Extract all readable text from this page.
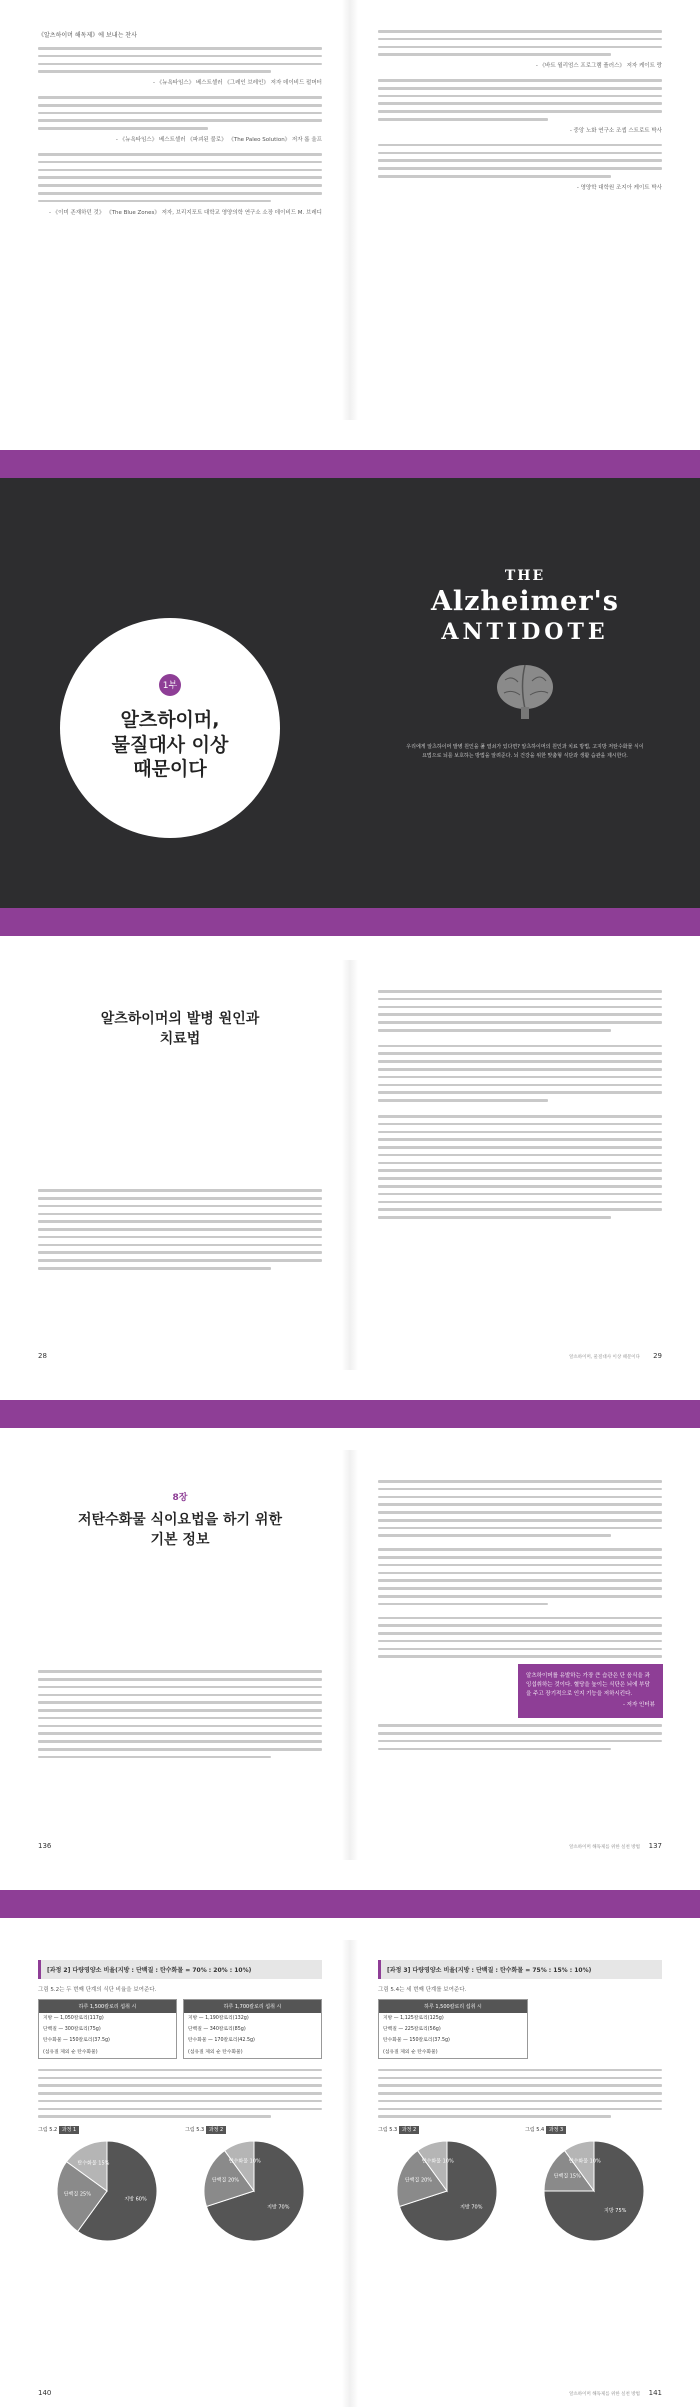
《알츠하이머 해독제》에 보내는 찬사
- 《뉴욕타임스》 베스트셀러 《그레인 브레인》 저자 데이비드 펄머터
- 《뉴욕타임스》 베스트셀러 《파괴된 불로》 《The Paleo Solution》 저자 롭 울프
- 《이미 존재하던 것》 《The Blue Zones》 저자, 브리지포트 대학교 영양의학 연구소 소장 데이비드 M. 브레디
- 《바트 윌리엄스 프로그램 플러스》 저자 케이트 랑
- 중앙 노화 연구소 조셉 스트로트 박사
- 영양학 대학원 조지아 케이트 박사
1부
알츠하이머,
물질대사 이상
때문이다
THE
Alzheimer's
ANTIDOTE
우리에게 알츠하이머 발병 원인을 풀 열쇠가 있다면? 알츠하이머의 원인과 치료 방법, 고지방 저탄수화물 식이요법으로 뇌를 보호하는 방법을 알려준다. 뇌 건강을 위한 맞춤형 식단과 생활 습관을 제시한다.
알츠하이머의 발병 원인과
치료법
28	알츠하이머, 물질대사 이상 때문이다 29
8장
저탄수화물 식이요법을 하기 위한
기본 정보
136
알츠하이머를 유발하는 가장 큰 습관은 단 음식을 과잉섭취하는 것이다. 혈당을 높이는 식단은 뇌에 부담을 주고 장기적으로 인지 기능을 저하시킨다.
- 저자 인터뷰
알츠하이머 해독제를 위한 실천 방법 137
[과정 2] 다량영양소 비율(지방 : 단백질 : 탄수화물 = 70% : 20% : 10%)
그림 5.2는 두 번째 단계의 식단 비율을 보여준다.
하루 1,500칼로리 섭취 시
지방 — 1,050칼로리(117g)
단백질 — 300칼로리(75g)
탄수화물 — 150칼로리(37.5g)
(섬유질 제외 순 탄수화물)
하루 1,700칼로리 섭취 시
지방 — 1,190칼로리(132g)
단백질 — 340칼로리(85g)
탄수화물 — 170칼로리(42.5g)
(섬유질 제외 순 탄수화물)
그림 5.2 과정 1
지방 60%
단백질 25%
탄수화물 15%
그림 5.3 과정 2
지방 70%
단백질 20%
탄수화물 10%
140
[과정 3] 다량영양소 비율(지방 : 단백질 : 탄수화물 = 75% : 15% : 10%)
그림 5.4는 세 번째 단계를 보여준다.
하루 1,500칼로리 섭취 시
지방 — 1,125칼로리(125g)
단백질 — 225칼로리(56g)
탄수화물 — 150칼로리(37.5g)
(섬유질 제외 순 탄수화물)
그림 5.3 과정 2
지방 70%
단백질 20%
탄수화물 10%
그림 5.4 과정 3
지방 75%
단백질 15%
탄수화물 10%
알츠하이머 해독제를 위한 실천 방법 141
